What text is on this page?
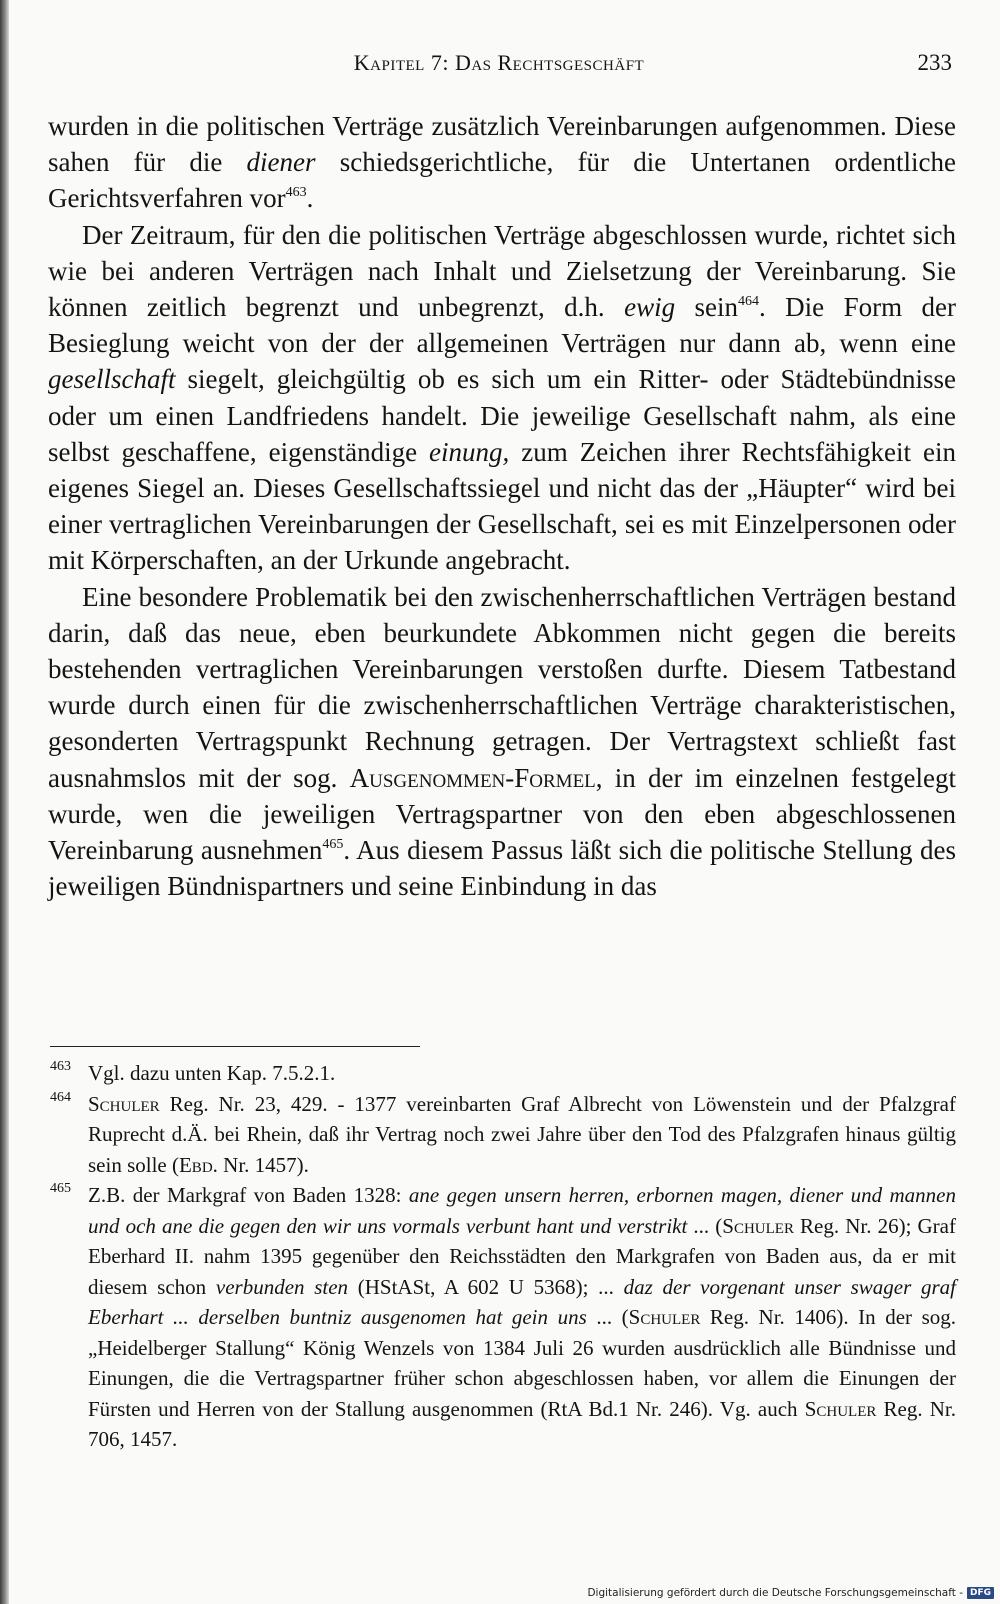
Kapitel 7: Das Rechtsgeschäft	233

wurden in die politischen Verträge zusätzlich Vereinbarungen aufgenommen. Diese sahen für die diener schiedsgerichtliche, für die Untertanen ordentliche Gerichtsverfahren vor$^{463}$.

Der Zeitraum, für den die politischen Verträge abgeschlossen wurde, richtet sich wie bei anderen Verträgen nach Inhalt und Zielsetzung der Vereinbarung. Sie können zeitlich begrenzt und unbegrenzt, d.h. ewig sein$^{464}$. Die Form der Besieglung weicht von der der allgemeinen Verträgen nur dann ab, wenn eine gesellschaft siegelt, gleichgültig ob es sich um ein Ritter- oder Städtebündnisse oder um einen Landfriedens handelt. Die jeweilige Gesellschaft nahm, als eine selbst geschaffene, eigenständige einung, zum Zeichen ihrer Rechtsfähigkeit ein eigenes Siegel an. Dieses Gesellschaftssiegel und nicht das der „Häupter“ wird bei einer vertraglichen Vereinbarungen der Gesellschaft, sei es mit Einzelpersonen oder mit Körperschaften, an der Urkunde angebracht.

Eine besondere Problematik bei den zwischenherrschaftlichen Verträgen bestand darin, daß das neue, eben beurkundete Abkommen nicht gegen die bereits bestehenden vertraglichen Vereinbarungen verstoßen durfte. Diesem Tatbestand wurde durch einen für die zwischenherrschaftlichen Verträge charakteristischen, gesonderten Vertragspunkt Rechnung getragen. Der Vertragstext schließt fast ausnahmslos mit der sog. Ausgenommen-Formel, in der im einzelnen festgelegt wurde, wen die jeweiligen Vertragspartner von den eben abgeschlossenen Vereinbarung ausnehmen$^{465}$. Aus diesem Passus läßt sich die politische Stellung des jeweiligen Bündnispartners und seine Einbindung in das

463 Vgl. dazu unten Kap. 7.5.2.1.
464 Schuler Reg. Nr. 23, 429. - 1377 vereinbarten Graf Albrecht von Löwenstein und der Pfalzgraf Ruprecht d.Ä. bei Rhein, daß ihr Vertrag noch zwei Jahre über den Tod des Pfalzgrafen hinaus gültig sein solle (Ebd. Nr. 1457).
465 Z.B. der Markgraf von Baden 1328: ane gegen unsern herren, erbornen magen, diener und mannen und och ane die gegen den wir uns vormals verbunt hant und verstrikt ... (Schuler Reg. Nr. 26); Graf Eberhard II. nahm 1395 gegenüber den Reichsstädten den Markgrafen von Baden aus, da er mit diesem schon verbunden sten (HStASt, A 602 U 5368); ... daz der vorgenant unser swager graf Eberhart ... derselben buntniz ausgenomen hat gein uns ... (Schuler Reg. Nr. 1406). In der sog. „Heidelberger Stallung“ König Wenzels von 1384 Juli 26 wurden ausdrücklich alle Bündnisse und Einungen, die die Vertragspartner früher schon abgeschlossen haben, vor allem die Einungen der Fürsten und Herren von der Stallung ausgenommen (RtA Bd.1 Nr. 246). Vg. auch Schuler Reg. Nr. 706, 1457.
Digitalisierung gefördert durch die Deutsche Forschungsgemeinschaft - DFG
